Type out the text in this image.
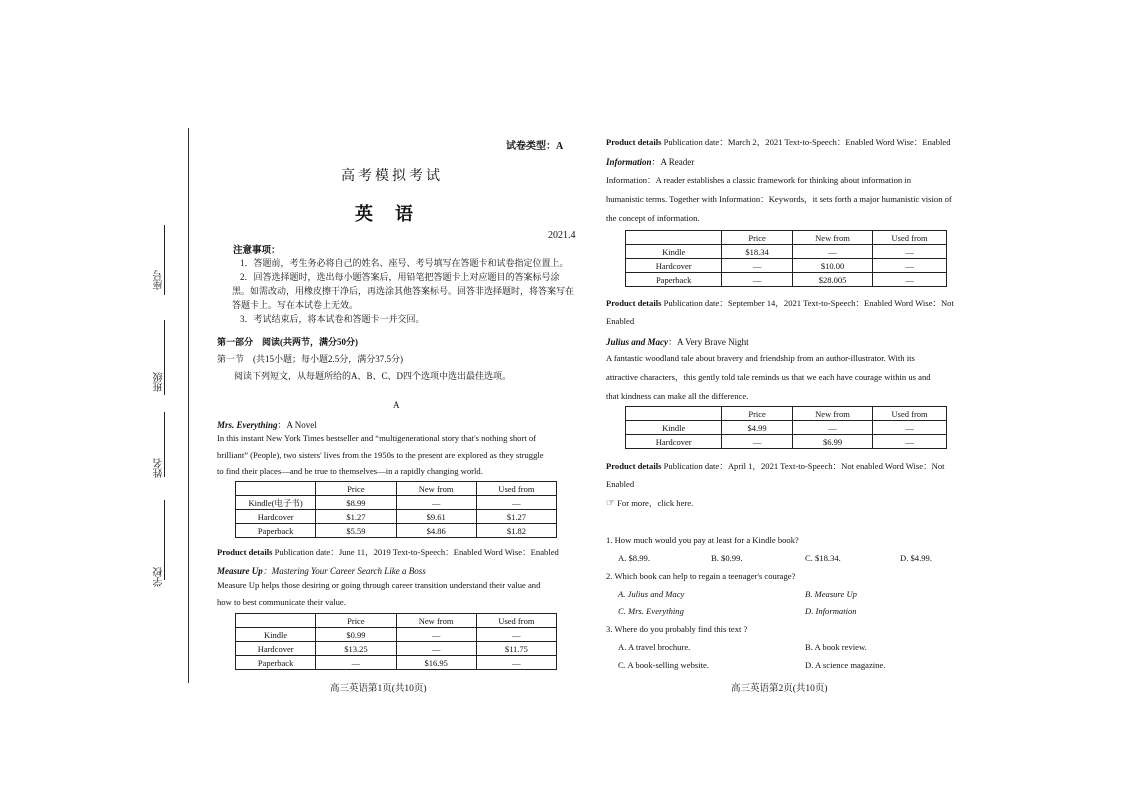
座号
班级
姓名
学校
试卷类型：A
高考模拟考试
英　语
2021.4
注意事项：
1．答题前，考生务必将自己的姓名、座号、考号填写在答题卡和试卷指定位置上。
2．回答选择题时，选出每小题答案后，用铅笔把答题卡上对应题目的答案标号涂
黑。如需改动，用橡皮擦干净后，再选涂其他答案标号。回答非选择题时，将答案写在
答题卡上。写在本试卷上无效。
3．考试结束后，将本试卷和答题卡一并交回。
第一部分　阅读(共两节，满分50分)
第一节　(共15小题；每小题2.5分，满分37.5分)
阅读下列短文，从每题所给的A、B、C、D四个选项中选出最佳选项。
A
Mrs. Everything：A Novel
In this instant New York Times bestseller and “multigenerational story that's nothing short of
brilliant” (People), two sisters' lives from the 1950s to the present are explored as they struggle
to find their places—and be true to themselves—in a rapidly changing world.
	Price	New from	Used from
Kindle(电子书)	$8.99	—	—
Hardcover	$1.27	$9.61	$1.27
Paperback	$5.59	$4.86	$1.82
Product details Publication date：June 11，2019 Text-to-Speech：Enabled Word Wise：Enabled
Measure Up：Mastering Your Career Search Like a Boss
Measure Up helps those desiring or going through career transition understand their value and
how to best communicate their value.
	Price	New from	Used from
Kindle	$0.99	—	—
Hardcover	$13.25	—	$11.75
Paperback	—	$16.95	—
高三英语第1页(共10页)
Product details Publication date：March 2，2021 Text-to-Speech：Enabled Word Wise：Enabled
Information：A Reader
Information：A reader establishes a classic framework for thinking about information in
humanistic terms. Together with Information：Keywords，it sets forth a major humanistic vision of
the concept of information.
	Price	New from	Used from
Kindle	$18.34	—	—
Hardcover	—	$10.00	—
Paperback	—	$28.005	—
Product details Publication date：September 14，2021 Text-to-Speech：Enabled Word Wise：Not
Enabled
Julius and Macy：A Very Brave Night
A fantastic woodland tale about bravery and friendship from an author-illustrator. With its
attractive characters，this gently told tale reminds us that we each have courage within us and
that kindness can make all the difference.
	Price	New from	Used from
Kindle	$4.99	—	—
Hardcover	—	$6.99	—
Product details Publication date：April 1，2021 Text-to-Speech：Not enabled Word Wise：Not
Enabled
☞ For more，click here.
1. How much would you pay at least for a Kindle book?
A. $8.99.	B. $0.99.	C. $18.34.	D. $4.99.
2. Which book can help to regain a teenager's courage?
A. Julius and Macy	B. Measure Up
C. Mrs. Everything	D. Information
3. Where do you probably find this text ?
A. A travel brochure.	B. A book review.
C. A book-selling website.	D. A science magazine.
高三英语第2页(共10页)
